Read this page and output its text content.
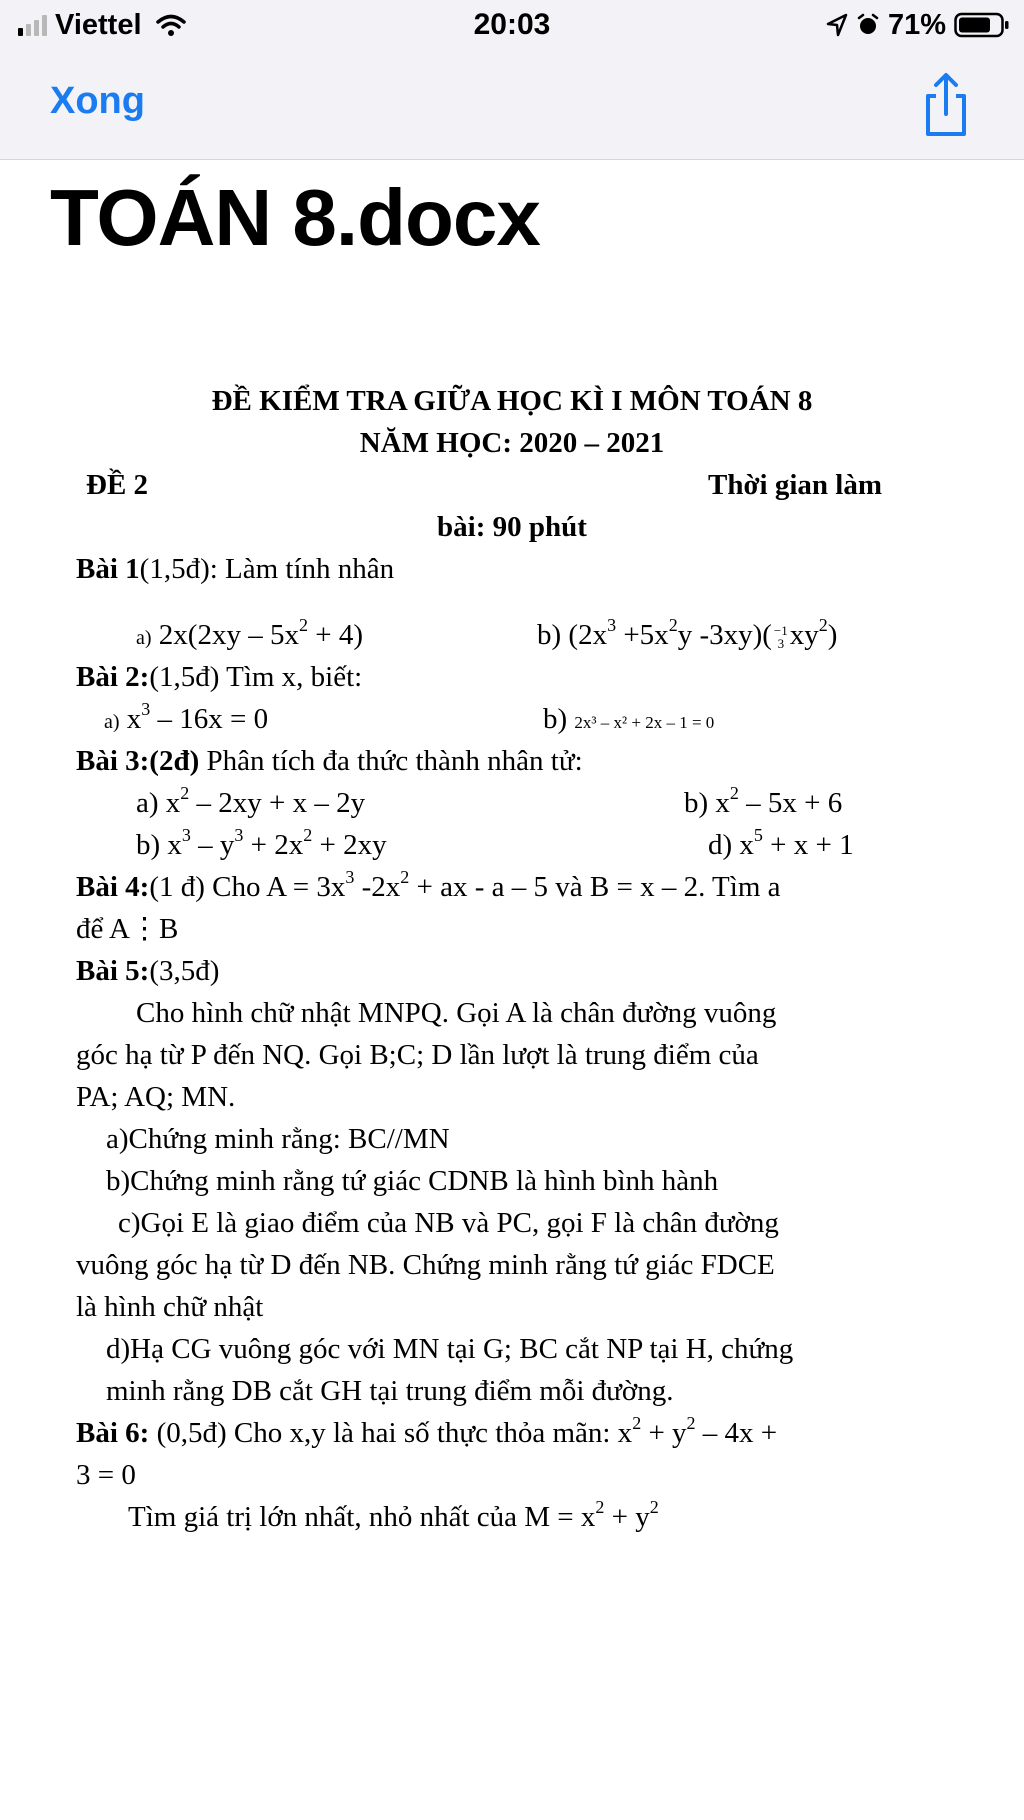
Viettel	20:03	71%
Xong
TOÁN 8.docx
ĐỀ KIỂM TRA GIỮA HỌC KÌ I MÔN TOÁN 8
NĂM HỌC: 2020 – 2021
ĐỀ 2	Thời gian làm
bài: 90 phút
Bài 1(1,5đ): Làm tính nhân
a) $2x(2xy - 5x^2 + 4)$	b) ($2x^3 +5x^2y$ -3xy)( −1
3 $xy^2$)
Bài 2:(1,5đ) Tìm x, biết:
a) $x^3 - 16x = 0$	b) 2x³ – x² + 2x – 1 = 0
Bài 3:(2đ) Phân tích đa thức thành nhân tử:
a) $x^2 - 2xy + x - 2y$	b) $x^2 - 5x + 6$
b) $x^3 - y^3 + 2x^2 + 2xy$	d) $x^5 + x + 1$
Bài 4:(1 đ) Cho $A = 3x^3$ $-2x^2$ + ax - a – 5 và B = x – 2. Tìm a
để A⋮B
Bài 5:(3,5đ)
Cho hình chữ nhật MNPQ. Gọi A là chân đường vuông
góc hạ từ P đến NQ. Gọi B;C; D lần lượt là trung điểm của
PA; AQ; MN.
a)Chứng minh rằng: BC//MN
b)Chứng minh rằng tứ giác CDNB là hình bình hành
c)Gọi E là giao điểm của NB và PC, gọi F là chân đường
vuông góc hạ từ D đến NB. Chứng minh rằng tứ giác FDCE
là hình chữ nhật
d)Hạ CG vuông góc với MN tại G; BC cắt NP tại H, chứng
minh rằng DB cắt GH tại trung điểm mỗi đường.
Bài 6: (0,5đ) Cho x,y là hai số thực thỏa mãn: $x^2 + y^2 - 4x$ +
3 = 0
Tìm giá trị lớn nhất, nhỏ nhất của $M = x^2 + y^2$
